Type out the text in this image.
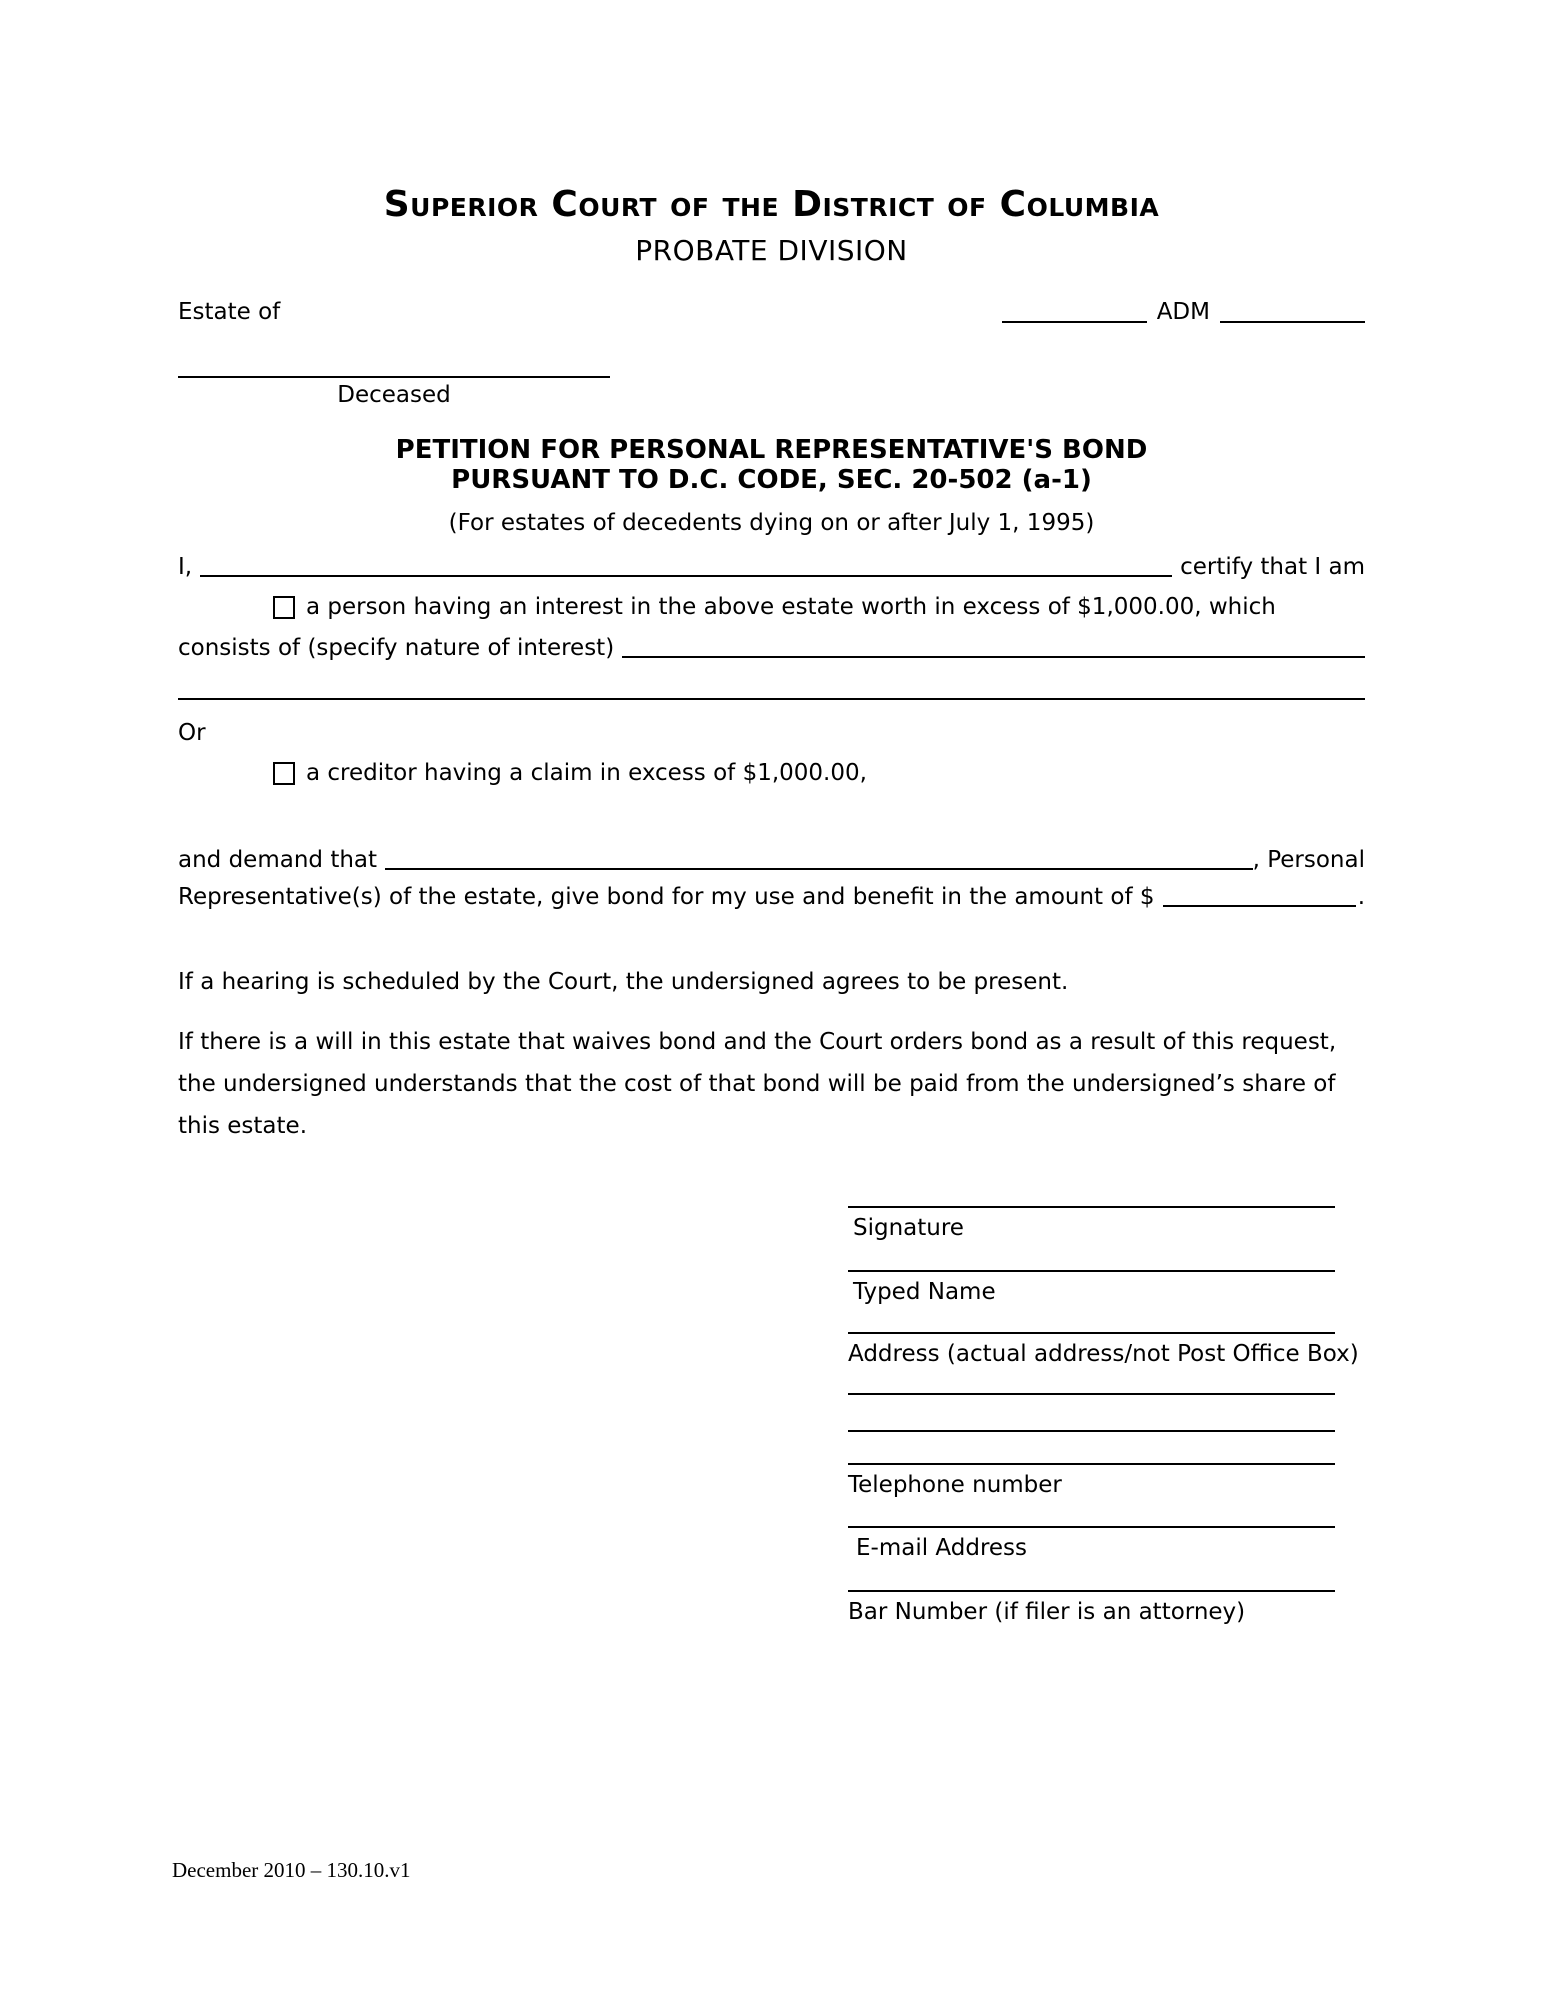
Superior Court of the District of Columbia
PROBATE DIVISION
Estate of	ADM
Deceased
PETITION FOR PERSONAL REPRESENTATIVE'S BOND
PURSUANT TO D.C. CODE, SEC. 20-502 (a-1)
(For estates of decedents dying on or after July 1, 1995)
I,	certify that I am
a person having an interest in the above estate worth in excess of $1,000.00, which
consists of (specify nature of interest)
Or
a creditor having a claim in excess of $1,000.00,
and demand that	, Personal
Representative(s) of the estate, give bond for my use and benefit in the amount of $	.
If a hearing is scheduled by the Court, the undersigned agrees to be present.
If there is a will in this estate that waives bond and the Court orders bond as a result of this request,
the undersigned understands that the cost of that bond will be paid from the undersigned’s share of
this estate.
Signature
Typed Name
Address (actual address/not Post Office Box)
Telephone number
E-mail Address
Bar Number (if filer is an attorney)
December 2010 – 130.10.v1
